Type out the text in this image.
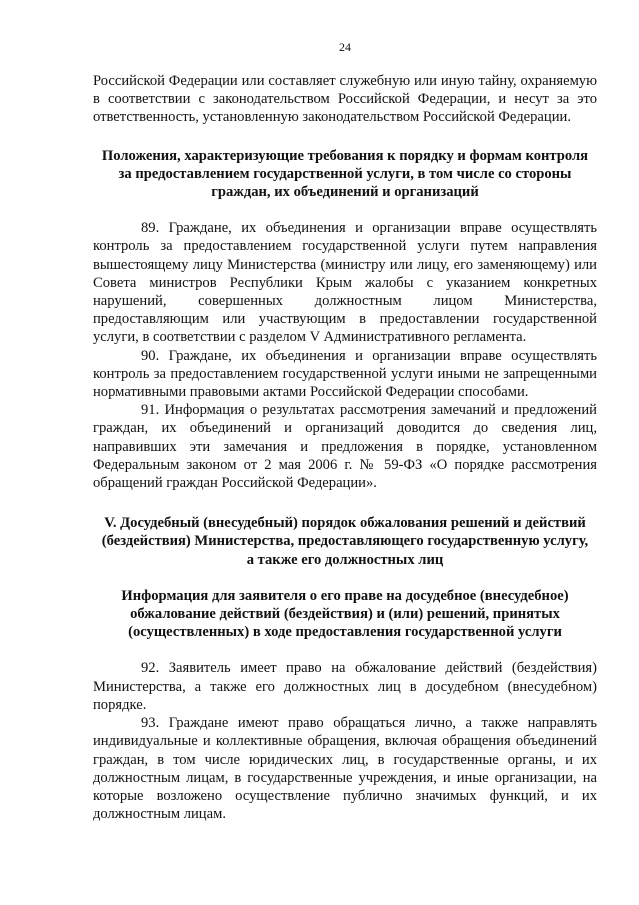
24

Российской Федерации или составляет служебную или иную тайну, охраняемую в соответствии с законодательством Российской Федерации, и несут за это ответственность, установленную законодательством Российской Федерации.

Положения, характеризующие требования к порядку и формам контроля за предоставлением государственной услуги, в том числе со стороны граждан, их объединений и организаций

89. Граждане, их объединения и организации вправе осуществлять контроль за предоставлением государственной услуги путем направления вышестоящему лицу Министерства (министру или лицу, его заменяющему) или Совета министров Республики Крым жалобы с указанием конкретных нарушений, совершенных должностным лицом Министерства, предоставляющим или участвующим в предоставлении государственной услуги, в соответствии с разделом V Административного регламента.

90. Граждане, их объединения и организации вправе осуществлять контроль за предоставлением государственной услуги иными не запрещенными нормативными правовыми актами Российской Федерации способами.

91. Информация о результатах рассмотрения замечаний и предложений граждан, их объединений и организаций доводится до сведения лиц, направивших эти замечания и предложения в порядке, установленном Федеральным законом от 2 мая 2006 г. № 59-ФЗ «О порядке рассмотрения обращений граждан Российской Федерации».

V. Досудебный (внесудебный) порядок обжалования решений и действий (бездействия) Министерства, предоставляющего государственную услугу, а также его должностных лиц
Информация для заявителя о его праве на досудебное (внесудебное) обжалование действий (бездействия) и (или) решений, принятых (осуществленных) в ходе предоставления государственной услуги

92. Заявитель имеет право на обжалование действий (бездействия) Министерства, а также его должностных лиц в досудебном (внесудебном) порядке.

93. Граждане имеют право обращаться лично, а также направлять индивидуальные и коллективные обращения, включая обращения объединений граждан, в том числе юридических лиц, в государственные органы, и их должностным лицам, в государственные учреждения, и иные организации, на которые возложено осуществление публично значимых функций, и их должностным лицам.
